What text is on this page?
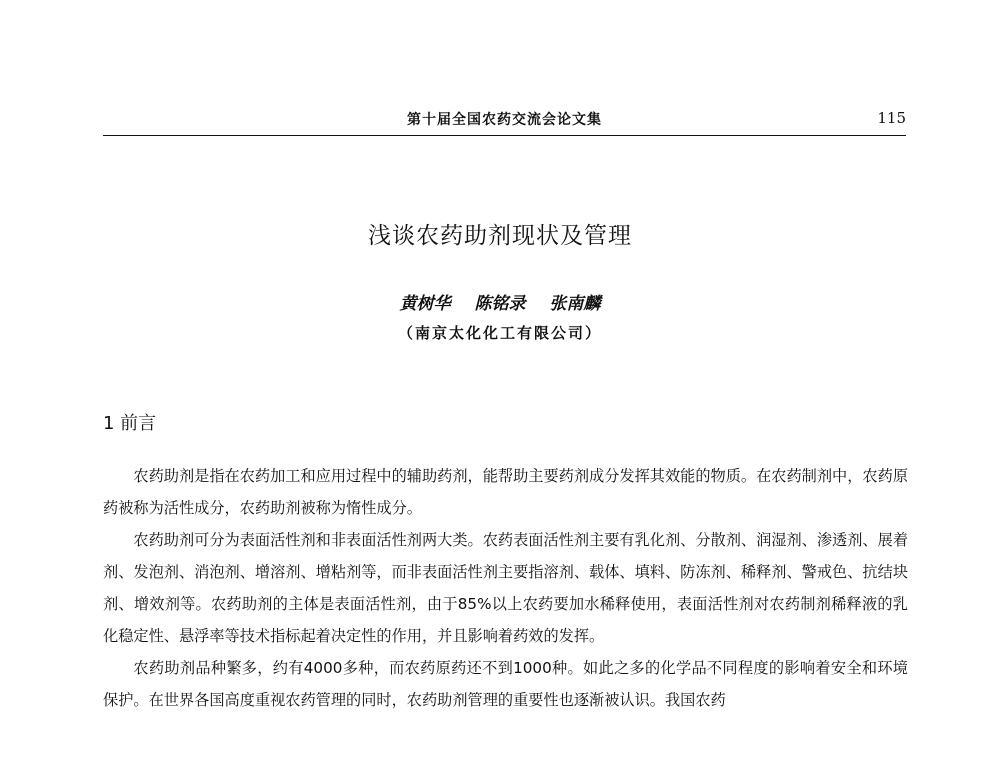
第十届全国农药交流会论文集	115
浅谈农药助剂现状及管理
黄树华 陈铭录 张南麟
（南京太化化工有限公司）
1 前言

农药助剂是指在农药加工和应用过程中的辅助药剂，能帮助主要药剂成分发挥其效能的物质。在农药制剂中，农药原药被称为活性成分，农药助剂被称为惰性成分。

农药助剂可分为表面活性剂和非表面活性剂两大类。农药表面活性剂主要有乳化剂、分散剂、润湿剂、渗透剂、展着剂、发泡剂、消泡剂、增溶剂、增粘剂等，而非表面活性剂主要指溶剂、载体、填料、防冻剂、稀释剂、警戒色、抗结块剂、增效剂等。农药助剂的主体是表面活性剂，由于85%以上农药要加水稀释使用，表面活性剂对农药制剂稀释液的乳化稳定性、悬浮率等技术指标起着决定性的作用，并且影响着药效的发挥。

农药助剂品种繁多，约有4000多种，而农药原药还不到1000种。如此之多的化学品不同程度的影响着安全和环境保护。在世界各国高度重视农药管理的同时，农药助剂管理的重要性也逐渐被认识。我国农药
